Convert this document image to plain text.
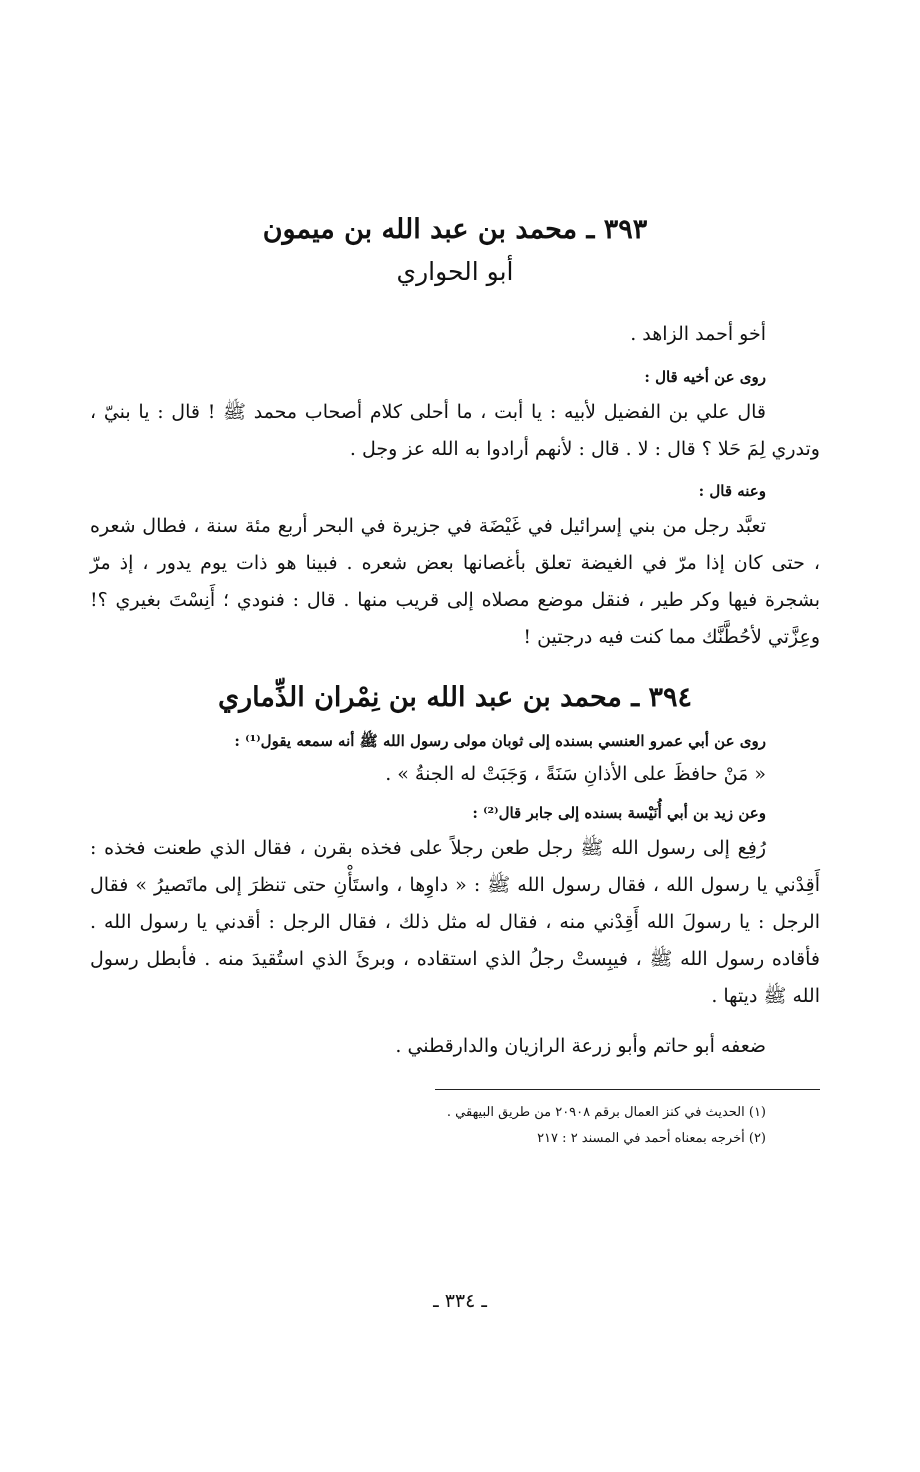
٣٩٣ ـ محمد بن عبد الله بن ميمون
أبو الحواري

أخو أحمد الزاهد .

روى عن أخيه قال :

قال علي بن الفضيل لأبيه : يا أبت ، ما أحلى كلام أصحاب محمد ﷺ ! قال : يا بنيّ ، وتدري لِمَ حَلا ؟ قال : لا . قال : لأنهم أرادوا به الله عز وجل .

وعنه قال :

تعبَّد رجل من بني إسرائيل في غَيْضَة في جزيرة في البحر أربع مئة سنة ، فطال شعره ، حتى كان إذا مرّ في الغيضة تعلق بأغصانها بعض شعره . فبينا هو ذات يوم يدور ، إذ مرّ بشجرة فيها وكر طير ، فنقل موضع مصلاه إلى قريب منها . قال : فنودي ؛ أَنِسْتَ بغيري ؟! وعِزَّتي لأحُطَّنَّك مما كنت فيه درجتين !

٣٩٤ ـ محمد بن عبد الله بن نِمْران الذِّماري

روى عن أبي عمرو العنسي بسنده إلى ثوبان مولى رسول الله ﷺ أنه سمعه يقول⁽¹⁾ :

« مَنْ حافظَ على الأذانِ سَنَةً ، وَجَبَتْ له الجنةُ » .

وعن زيد بن أبي أُنَيْسة بسنده إلى جابر قال⁽²⁾ :

رُفِع إلى رسول الله ﷺ رجل طعن رجلاً على فخذه بقرن ، فقال الذي طعنت فخذه : أَقِدْني يا رسول الله ، فقال رسول الله ﷺ : « داوِها ، واستَأْنِ حتى تنظرَ إلى ماتَصيرُ » فقال الرجل : يا رسولَ الله أَقِدْني منه ، فقال له مثل ذلك ، فقال الرجل : أقدني يا رسول الله . فأقاده رسول الله ﷺ ، فيبِستْ رجلُ الذي استقاده ، وبرئَ الذي استُقيدَ منه . فأبطل رسول الله ﷺ ديتها .

ضعفه أبو حاتم وأبو زرعة الرازيان والدارقطني .

(١) الحديث في كنز العمال برقم ٢٠٩٠٨ من طريق البيهقي .
(٢) أخرجه بمعناه أحمد في المسند ٢ : ٢١٧
ـ ٣٣٤ ـ
